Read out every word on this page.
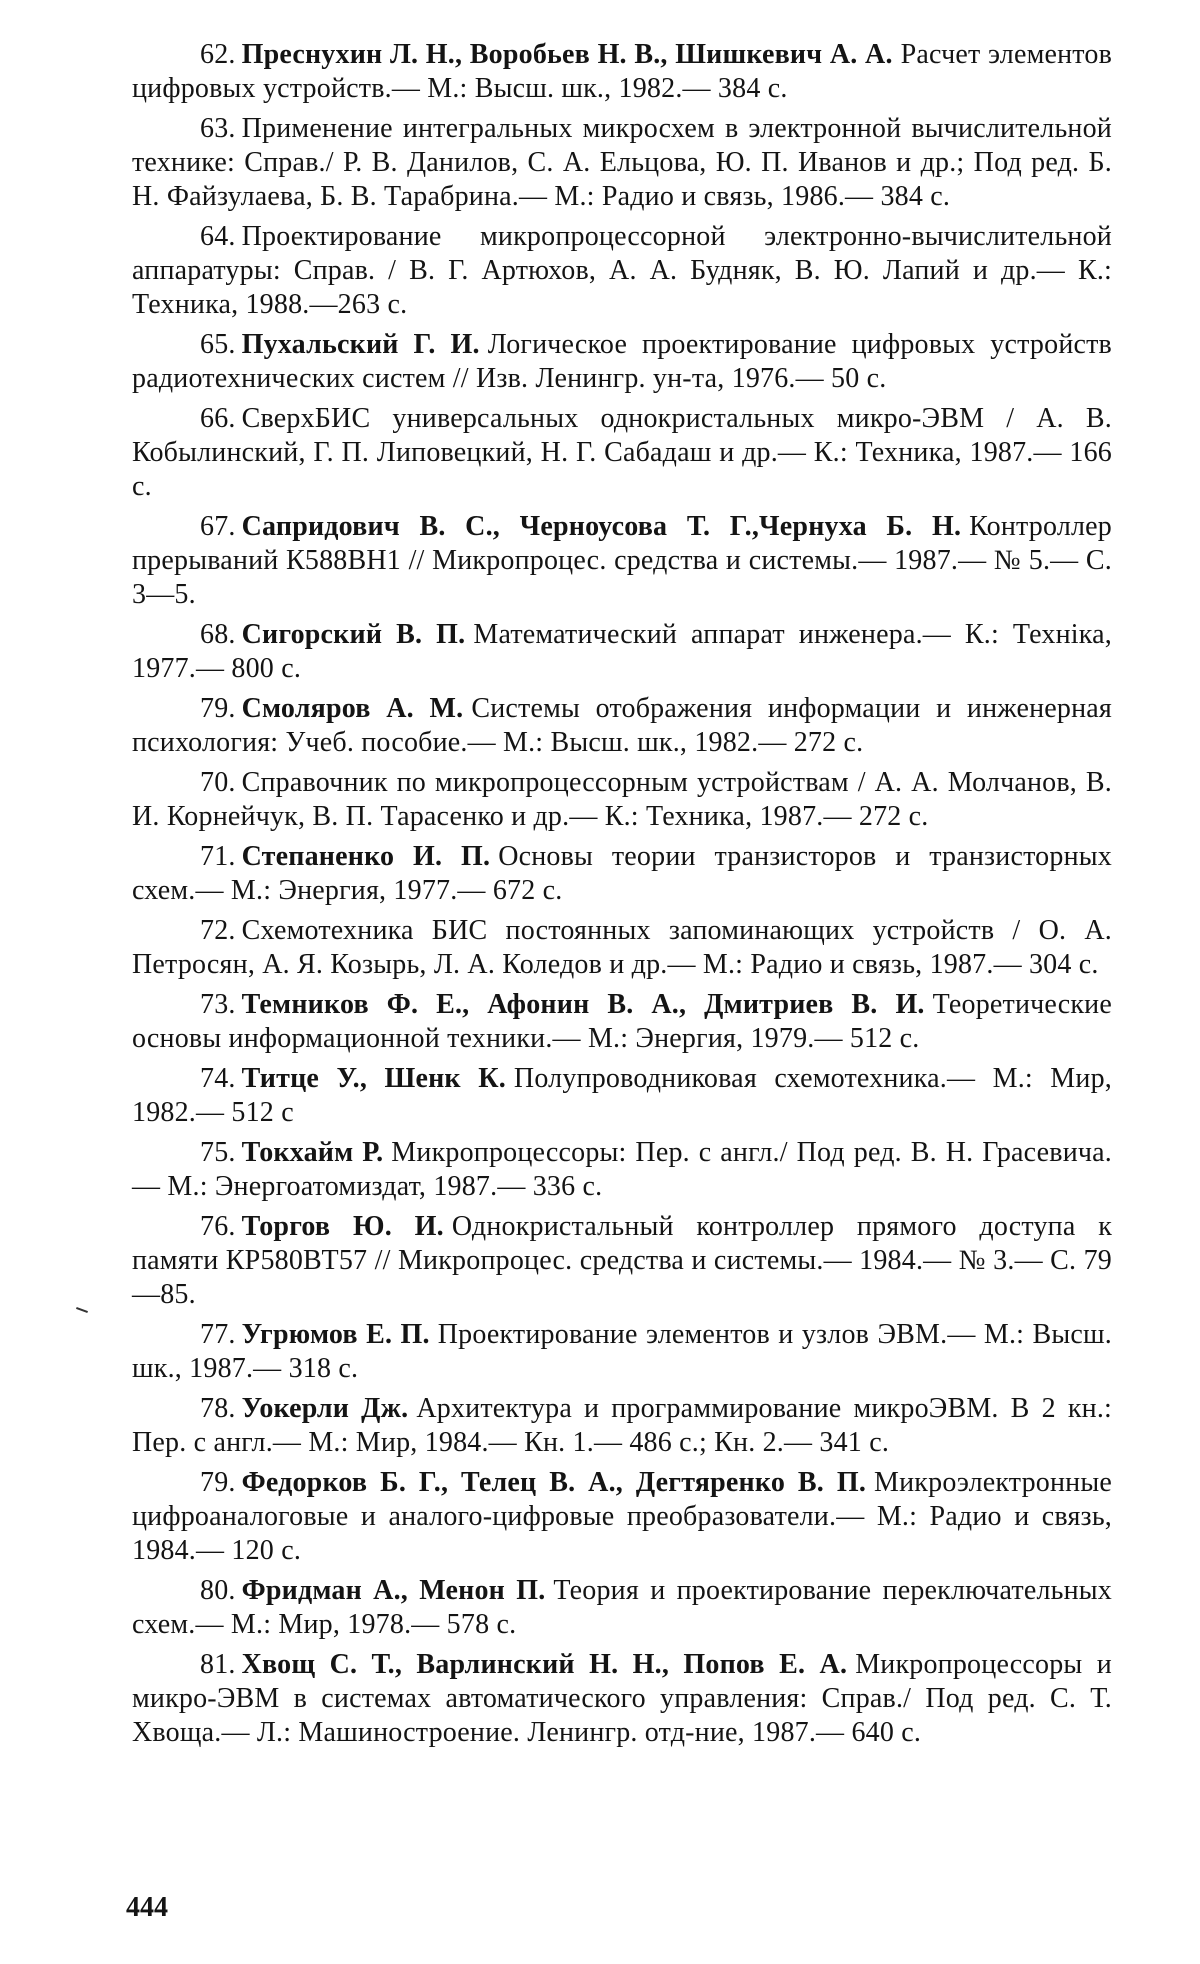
62. Преснухин Л. Н., Воробьев Н. В., Шишкевич А. А. Расчет элементов цифровых устройств.— М.: Высш. шк., 1982.— 384 с.
63. Применение интегральных микросхем в электронной вычислительной технике: Справ./ Р. В. Данилов, С. А. Ельцова, Ю. П. Иванов и др.; Под ред. Б. Н. Файзулаева, Б. В. Тарабрина.— М.: Радио и связь, 1986.— 384 с.
64. Проектирование микропроцессорной электронно-вычислительной аппаратуры: Справ. / В. Г. Артюхов, А. А. Будняк, В. Ю. Лапий и др.— К.: Техника, 1988.—263 с.
65. Пухальский Г. И. Логическое проектирование цифровых устройств радиотехнических систем // Изв. Ленингр. ун-та, 1976.— 50 с.
66. СверхБИС универсальных однокристальных микро-ЭВМ / А. В. Кобылинский, Г. П. Липовецкий, Н. Г. Сабадаш и др.— К.: Техника, 1987.— 166 с.
67. Сапридович В. С., Черноусова Т. Г.,Чернуха Б. Н. Контроллер прерываний К588ВН1 // Микропроцес. средства и системы.— 1987.— № 5.— С. 3—5.
68. Сигорский В. П. Математический аппарат инженера.— К.: Техніка, 1977.— 800 с.
79. Смоляров А. М. Системы отображения информации и инженерная психология: Учеб. пособие.— М.: Высш. шк., 1982.— 272 с.
70. Справочник по микропроцессорным устройствам / А. А. Молчанов, В. И. Корнейчук, В. П. Тарасенко и др.— К.: Техника, 1987.— 272 с.
71. Степаненко И. П. Основы теории транзисторов и транзисторных схем.— М.: Энергия, 1977.— 672 с.
72. Схемотехника БИС постоянных запоминающих устройств / О. А. Петросян, А. Я. Козырь, Л. А. Коледов и др.— М.: Радио и связь, 1987.— 304 с.
73. Темников Ф. Е., Афонин В. А., Дмитриев В. И. Теоретические основы информационной техники.— М.: Энергия, 1979.— 512 с.
74. Титце У., Шенк К. Полупроводниковая схемотехника.— М.: Мир, 1982.— 512 с
75. Токхайм Р. Микропроцессоры: Пер. с англ./ Под ред. В. Н. Грасевича.— М.: Энергоатомиздат, 1987.— 336 с.
76. Торгов Ю. И. Однокристальный контроллер прямого доступа к памяти КР580ВТ57 // Микропроцес. средства и системы.— 1984.— № 3.— С. 79—85.
77. Угрюмов Е. П. Проектирование элементов и узлов ЭВМ.— М.: Высш. шк., 1987.— 318 с.
78. Уокерли Дж. Архитектура и программирование микроЭВМ. В 2 кн.: Пер. с англ.— М.: Мир, 1984.— Кн. 1.— 486 с.; Кн. 2.— 341 с.
79. Федорков Б. Г., Телец В. А., Дегтяренко В. П. Микроэлектронные цифроаналоговые и аналого-цифровые преобразователи.— М.: Радио и связь, 1984.— 120 с.
80. Фридман А., Менон П. Теория и проектирование переключательных схем.— М.: Мир, 1978.— 578 с.
81. Хвощ С. Т., Варлинский Н. Н., Попов Е. А. Микропроцессоры и микро-ЭВМ в системах автоматического управления: Справ./ Под ред. С. Т. Хвоща.— Л.: Машиностроение. Ленингр. отд-ние, 1987.— 640 с.
444
